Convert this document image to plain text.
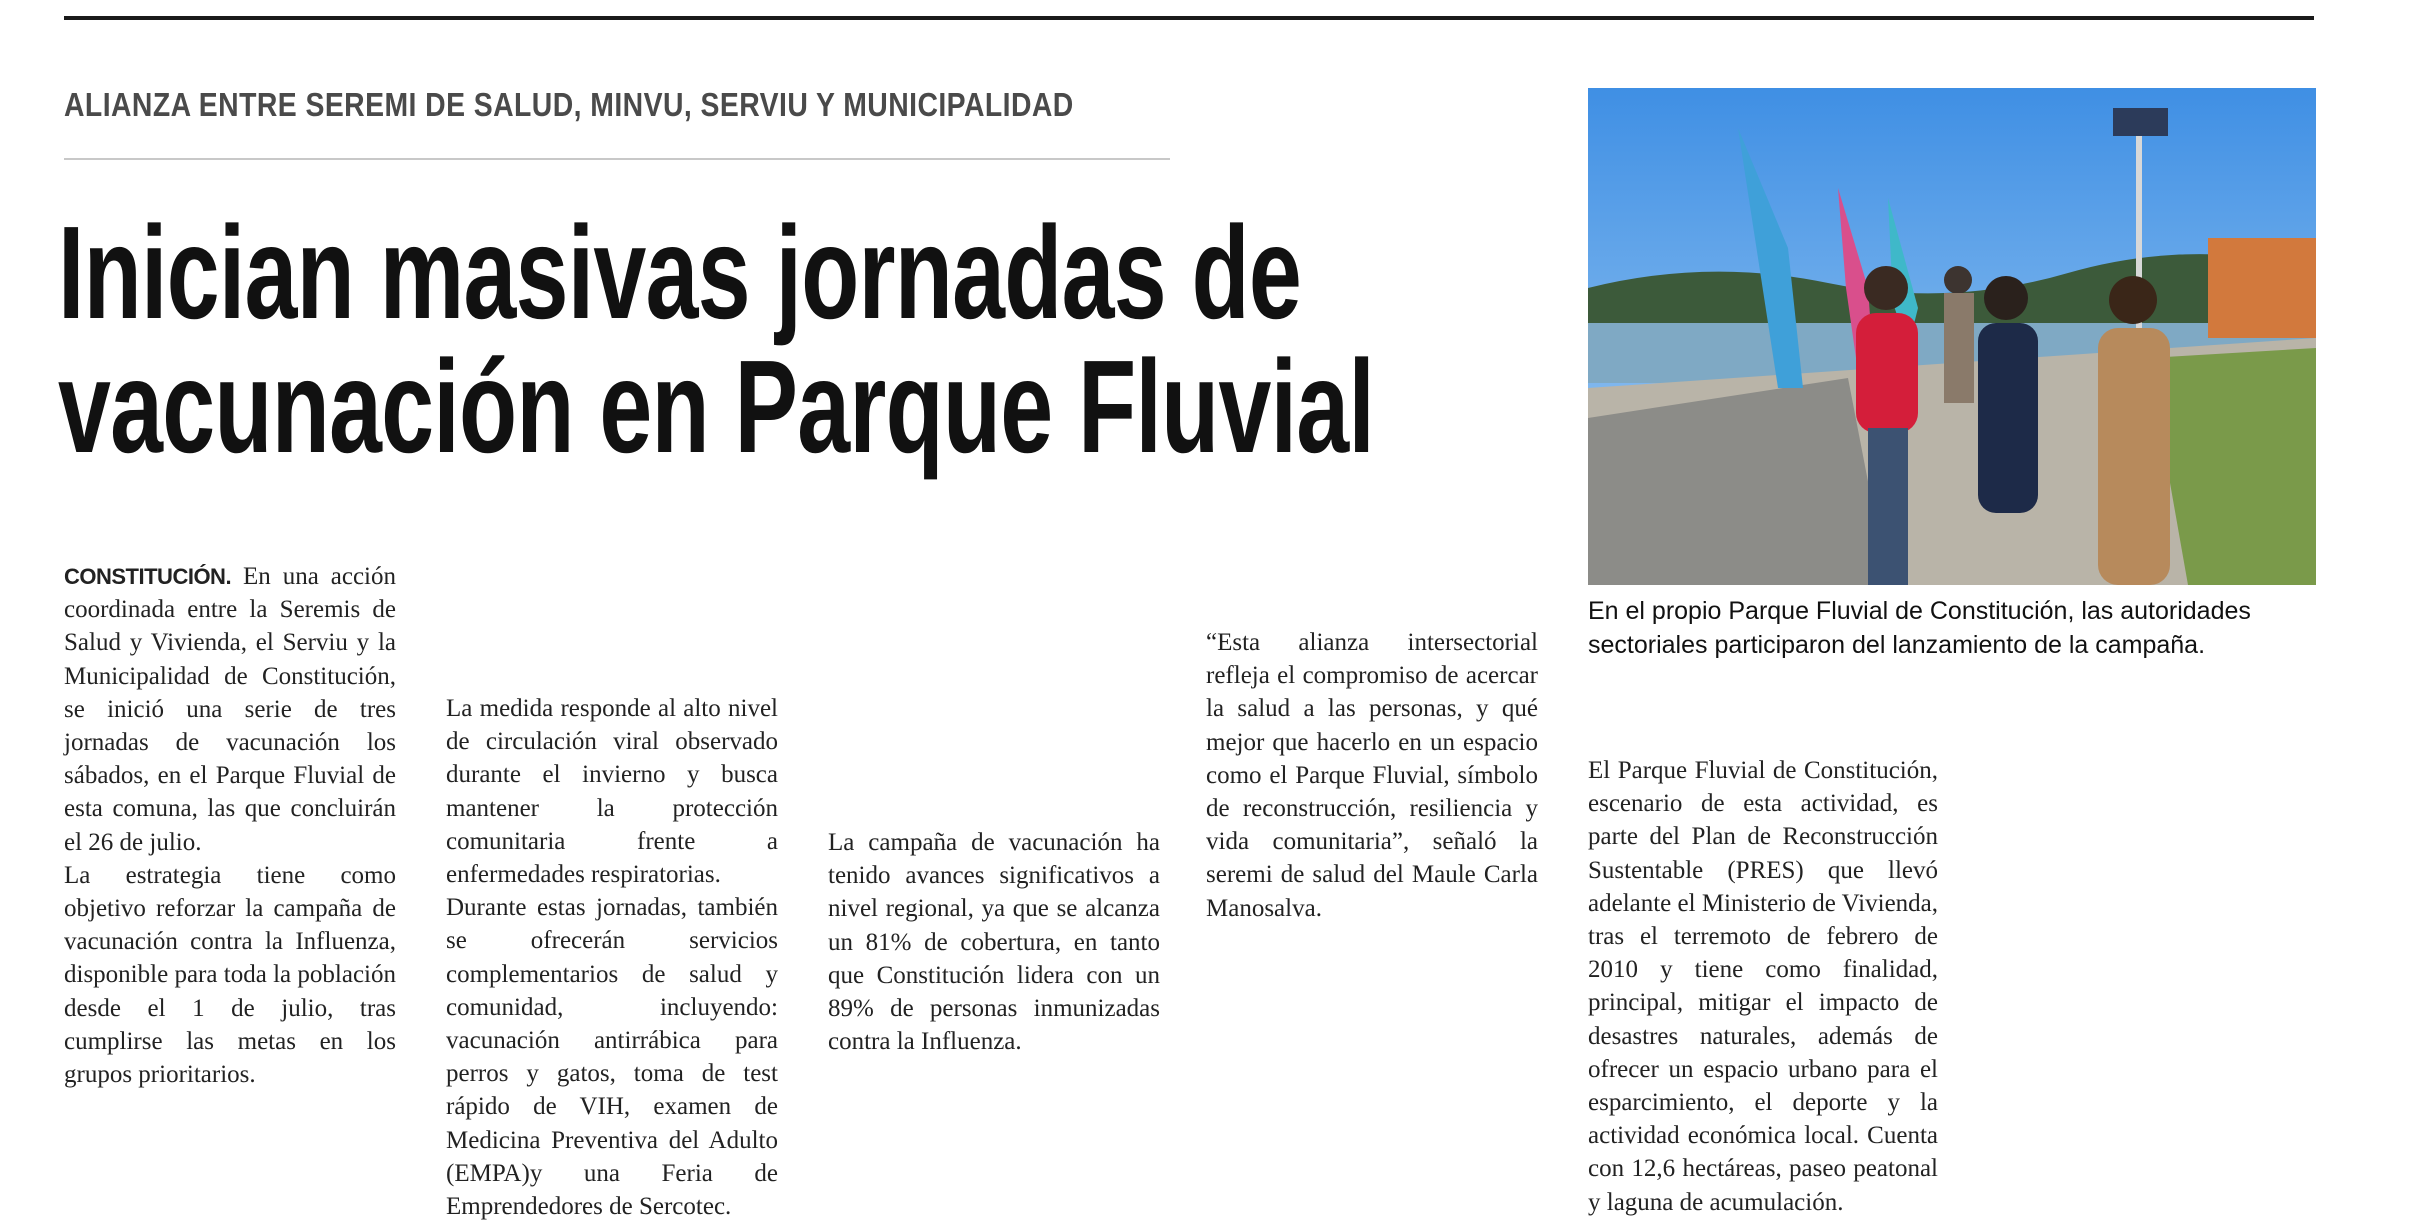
ALIANZA ENTRE SEREMI DE SALUD, MINVU, SERVIU Y MUNICIPALIDAD
Inician masivas jornadas de
vacunación en Parque Fluvial

CONSTITUCIÓN. En una acción coordinada entre la Seremis de Salud y Vivienda, el Serviu y la Municipalidad de Constitución, se inició una serie de tres jornadas de vacunación los sábados, en el Parque Fluvial de esta comuna, las que concluirán el 26 de julio.

La estrategia tiene como objetivo reforzar la campaña de vacunación contra la Influenza, disponible para toda la población desde el 1 de julio, tras cumplirse las metas en los grupos prioritarios.

La medida responde al alto nivel de circulación viral observado durante el invierno y busca mantener la protección comunitaria frente a enfermedades respiratorias.

Durante estas jornadas, también se ofrecerán servicios complementarios de salud y comunidad, incluyendo: vacunación antirrábica para perros y gatos, toma de test rápido de VIH, examen de Medicina Preventiva del Adulto (EMPA)y una Feria de Emprendedores de Sercotec.

La campaña de vacunación ha tenido avances significativos a nivel regional, ya que se alcanza un 81% de cobertura, en tanto que Constitución lidera con un 89% de personas inmunizadas contra la Influenza.

“Esta alianza intersectorial refleja el compromiso de acercar la salud a las personas, y qué mejor que hacerlo en un espacio como el Parque Fluvial, símbolo de reconstrucción, resiliencia y vida comunitaria”, señaló la seremi de salud del Maule Carla Manosalva.

El Parque Fluvial de Constitución, escenario de esta actividad, es parte del Plan de Reconstrucción Sustentable (PRES) que llevó adelante el Ministerio de Vivienda, tras el terremoto de febrero de 2010 y tiene como finalidad, principal, mitigar el impacto de desastres naturales, además de ofrecer un espacio urbano para el esparcimiento, el deporte y la actividad económica local. Cuenta con 12,6 hectáreas, paseo peatonal y laguna de acumulación.

En el propio Parque Fluvial de Constitución, las autoridades
sectoriales participaron del lanzamiento de la campaña.
